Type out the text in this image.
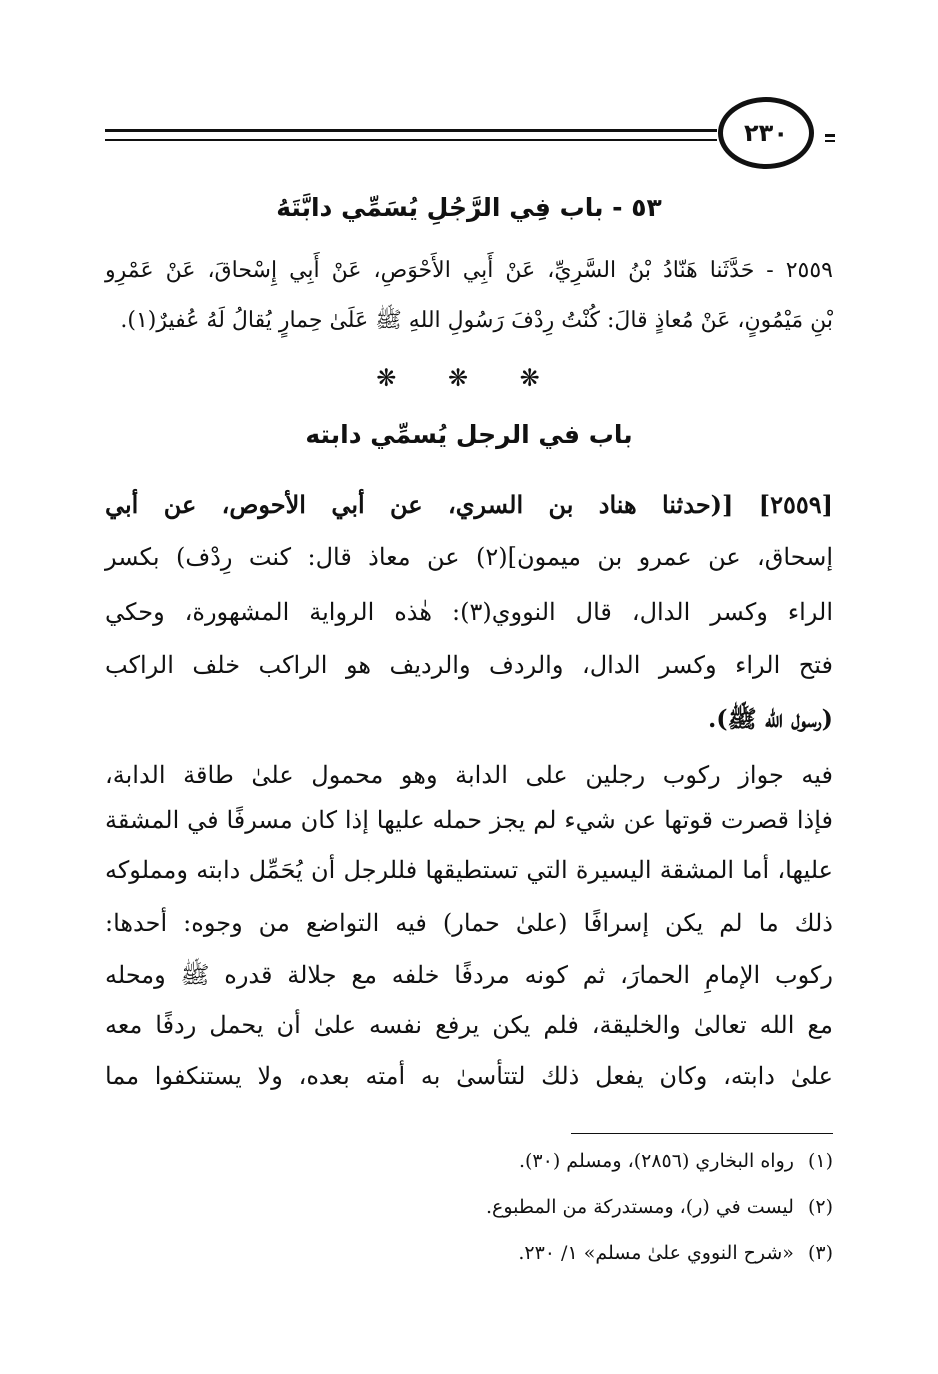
٢٣٠
٥٣ - باب فِي الرَّجُلِ يُسَمِّي دابَّتَهُ
٢٥٥٩ - حَدَّثَنا هَنّادُ بْنُ السَّرِيِّ، عَنْ أَبِي الأَحْوَصِ، عَنْ أَبِي إِسْحاقَ، عَنْ عَمْرِو
بْنِ مَيْمُونٍ، عَنْ مُعاذٍ قالَ: كُنْتُ رِدْفَ رَسُولِ اللهِ ﷺ عَلَىٰ حِمارٍ يُقالُ لَهُ عُفيرٌ(١).
❋ ❋ ❋
باب في الرجل يُسمِّي دابته
[٢٥٥٩] [(حدثنا هناد بن السري، عن أبي الأحوص، عن أبي
إسحاق، عن عمرو بن ميمون](٢) عن معاذ قال: كنت رِدْف) بكسر
الراء وكسر الدال، قال النووي(٣): هٰذه الرواية المشهورة، وحكي
فتح الراء وكسر الدال، والردف والرديف هو الراكب خلف الراكب
(رسول الله ﷺ).
فيه جواز ركوب رجلين على الدابة وهو محمول علىٰ طاقة الدابة،
فإذا قصرت قوتها عن شيء لم يجز حمله عليها إذا كان مسرفًا في المشقة
عليها، أما المشقة اليسيرة التي تستطيقها فللرجل أن يُحَمِّل دابته ومملوكه
ذلك ما لم يكن إسرافًا (علىٰ حمار) فيه التواضع من وجوه: أحدها:
ركوب الإمامِ الحمارَ، ثم كونه مردفًا خلفه مع جلالة قدره ﷺ ومحله
مع الله تعالىٰ والخليقة، فلم يكن يرفع نفسه علىٰ أن يحمل ردفًا معه
علىٰ دابته، وكان يفعل ذلك لتتأسىٰ به أمته بعده، ولا يستنكفوا مما
(١)رواه البخاري (٢٨٥٦)، ومسلم (٣٠).
(٢)ليست في (ر)، ومستدركة من المطبوع.
(٣)«شرح النووي علىٰ مسلم» ١/ ٢٣٠.
